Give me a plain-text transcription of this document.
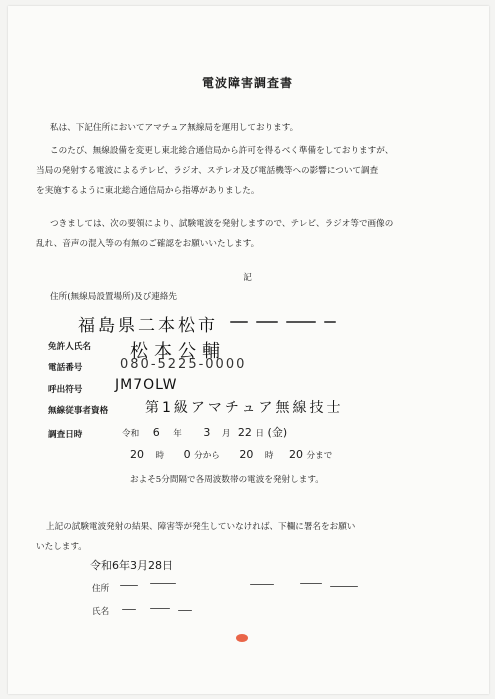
電波障害調査書
私は、下記住所においてアマチュア無線局を運用しております。
このたび、無線設備を変更し東北総合通信局から許可を得るべく準備をしておりますが、
当局の発射する電波によるテレビ、ラジオ、ステレオ及び電話機等への影響について調査
を実施するように東北総合通信局から指導がありました。
つきましては、次の要領により、試験電波を発射しますので、テレビ、ラジオ等で画像の
乱れ、音声の混入等の有無のご確認をお願いいたします。
記
住所(無線局設置場所)及び連絡先
福島県二本松市
免許人氏名 松本公輔
電話番号	080-5225-0000
呼出符号 JM7OLW
無線従事者資格	第1級アマチュア無線技士
調査日時	令和 6 年 3 月 22 日 (金)
20 時 0 分から 20 時 20 分まで
およそ5分間隔で各周波数帯の電波を発射します。
上記の試験電波発射の結果、障害等が発生していなければ、下欄に署名をお願い
いたします。
令和6年3月28日
住所
氏名
